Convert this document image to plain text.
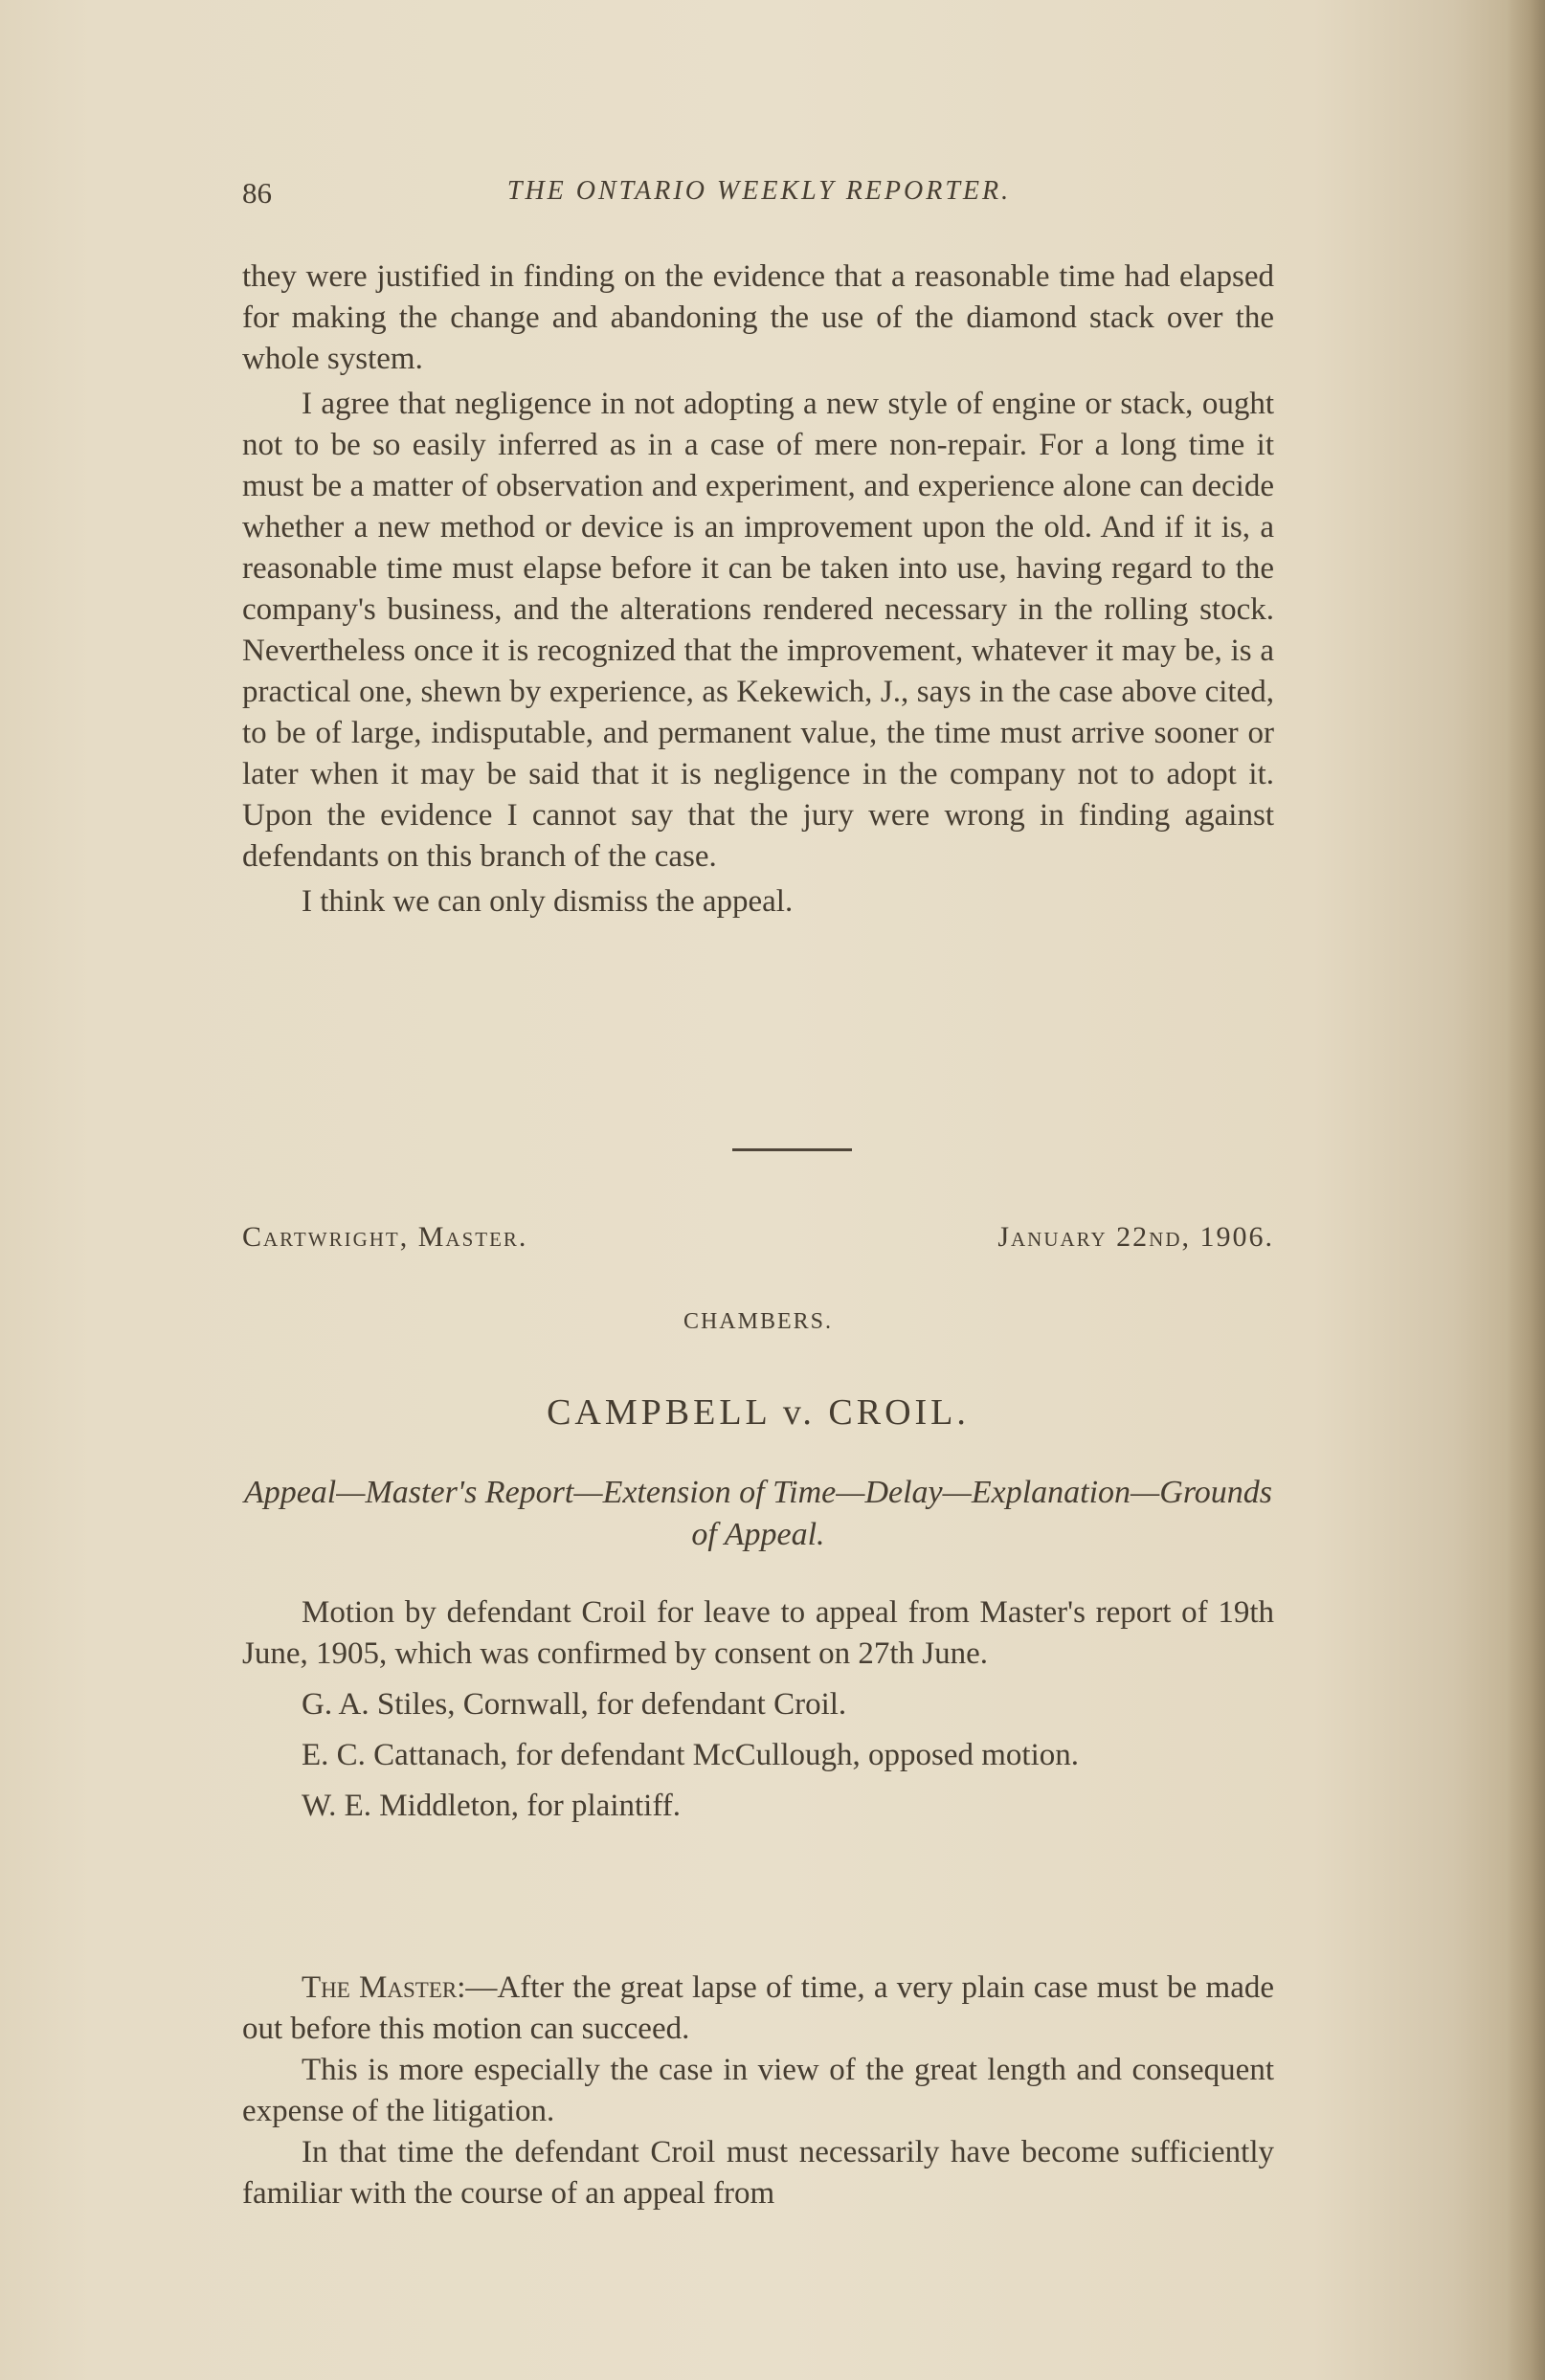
86	THE ONTARIO WEEKLY REPORTER.

they were justified in finding on the evidence that a reasonable time had elapsed for making the change and abandoning the use of the diamond stack over the whole system.

I agree that negligence in not adopting a new style of engine or stack, ought not to be so easily inferred as in a case of mere non-repair. For a long time it must be a matter of observation and experiment, and experience alone can decide whether a new method or device is an improvement upon the old. And if it is, a reasonable time must elapse before it can be taken into use, having regard to the company's business, and the alterations rendered necessary in the rolling stock. Nevertheless once it is recognized that the improvement, whatever it may be, is a practical one, shewn by experience, as Kekewich, J., says in the case above cited, to be of large, indisputable, and permanent value, the time must arrive sooner or later when it may be said that it is negligence in the company not to adopt it. Upon the evidence I cannot say that the jury were wrong in finding against defendants on this branch of the case.

I think we can only dismiss the appeal.

Cartwright, Master.	January 22nd, 1906.
CHAMBERS.
CAMPBELL v. CROIL.
Appeal—Master's Report—Extension of Time—Delay—Explanation—Grounds of Appeal.

Motion by defendant Croil for leave to appeal from Master's report of 19th June, 1905, which was confirmed by consent on 27th June.

G. A. Stiles, Cornwall, for defendant Croil.

E. C. Cattanach, for defendant McCullough, opposed motion.

W. E. Middleton, for plaintiff.

The Master:—After the great lapse of time, a very plain case must be made out before this motion can succeed.

This is more especially the case in view of the great length and consequent expense of the litigation.

In that time the defendant Croil must necessarily have become sufficiently familiar with the course of an appeal from
